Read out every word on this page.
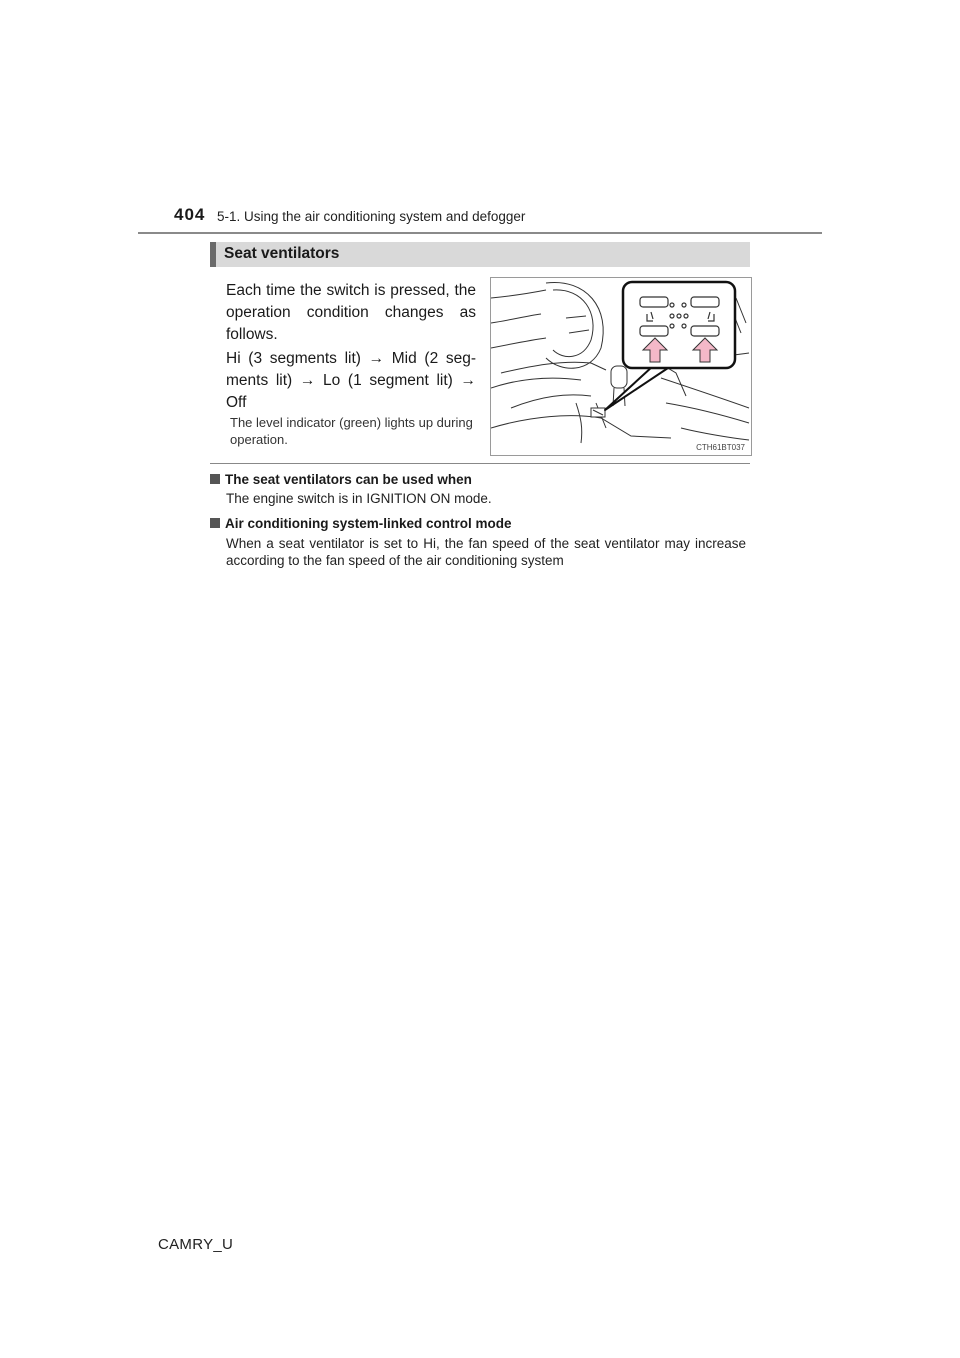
404 5-1. Using the air conditioning system and defogger
Seat ventilators
Each time the switch is pressed, the operation condition changes as follows.
Hi (3 segments lit) → Mid (2 seg-ments lit) → Lo (1 segment lit) → Off
The level indicator (green) lights up during operation.
CTH61BT037
The seat ventilators can be used when
The engine switch is in IGNITION ON mode.
Air conditioning system-linked control mode
When a seat ventilator is set to Hi, the fan speed of the seat ventilator may increase according to the fan speed of the air conditioning system
CAMRY_U
